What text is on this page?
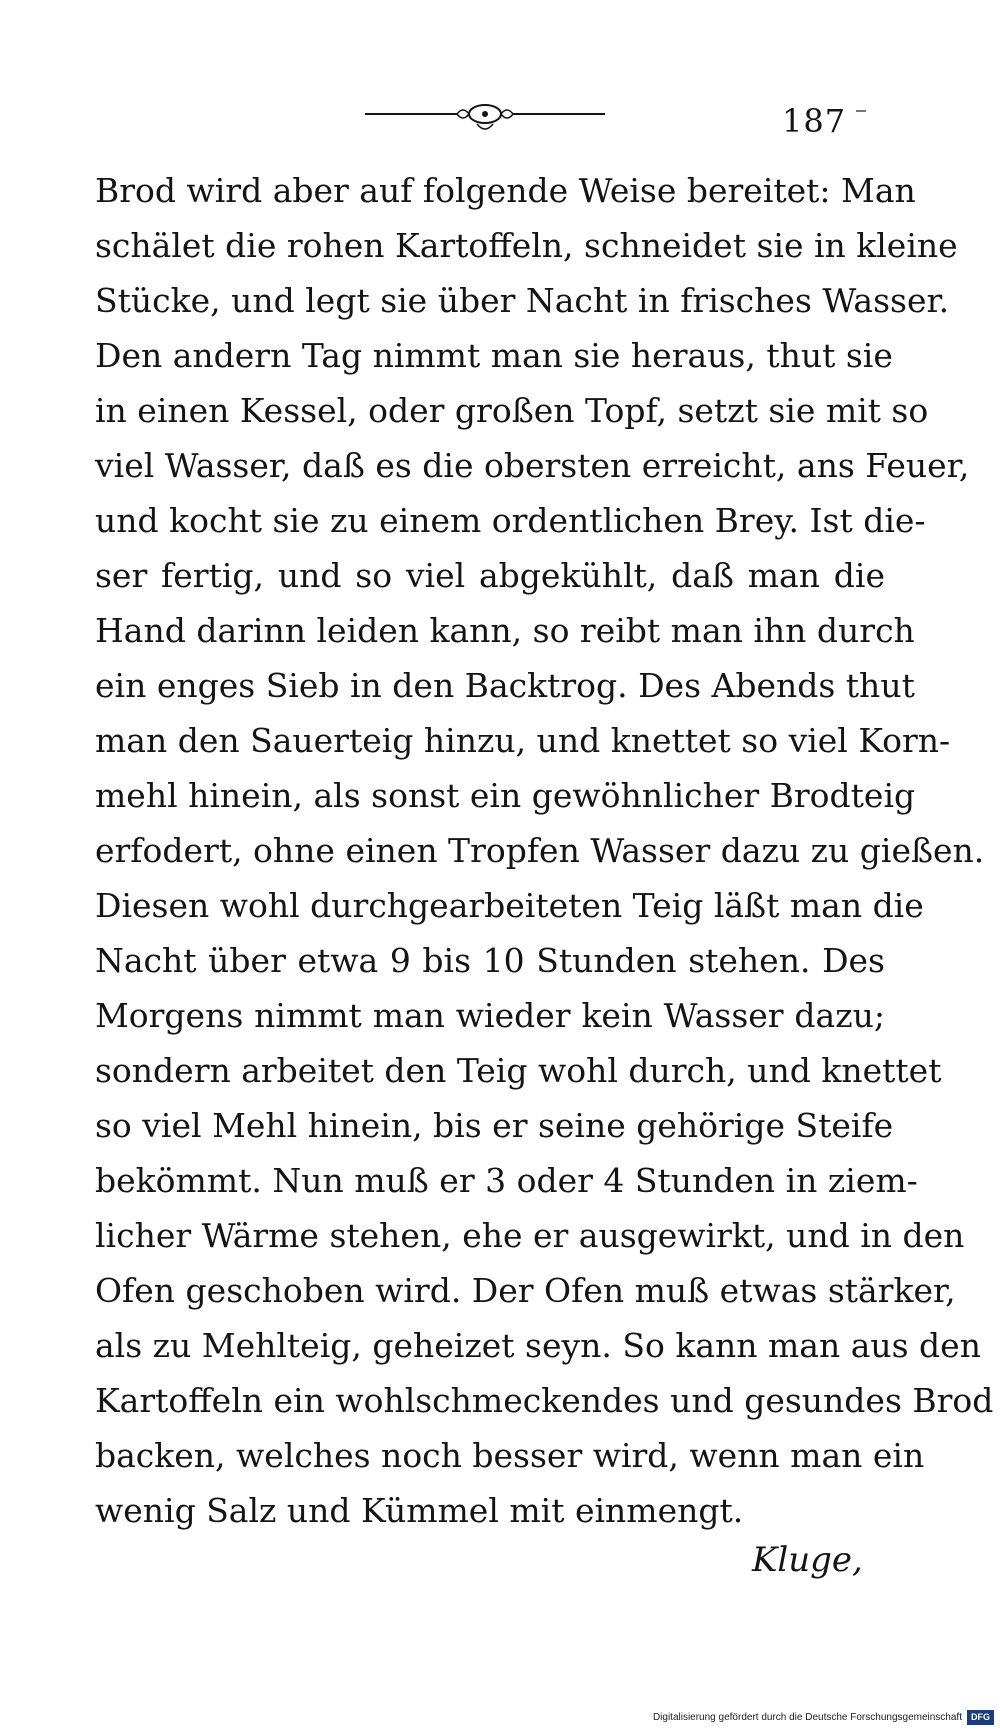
187
Brod wird aber auf folgende Weise bereitet: Man
schälet die rohen Kartoffeln, schneidet sie in kleine
Stücke, und legt sie über Nacht in frisches Wasser.
Den andern Tag nimmt man sie heraus, thut sie
in einen Kessel, oder großen Topf, setzt sie mit so
viel Wasser, daß es die obersten erreicht, ans Feuer,
und kocht sie zu einem ordentlichen Brey. Ist die-
ser fertig, und so viel abgekühlt, daß man die
Hand darinn leiden kann, so reibt man ihn durch
ein enges Sieb in den Backtrog. Des Abends thut
man den Sauerteig hinzu, und knettet so viel Korn-
mehl hinein, als sonst ein gewöhnlicher Brodteig
erfodert, ohne einen Tropfen Wasser dazu zu gießen.
Diesen wohl durchgearbeiteten Teig läßt man die
Nacht über etwa 9 bis 10 Stunden stehen. Des
Morgens nimmt man wieder kein Wasser dazu;
sondern arbeitet den Teig wohl durch, und knettet
so viel Mehl hinein, bis er seine gehörige Steife
bekömmt. Nun muß er 3 oder 4 Stunden in ziem-
licher Wärme stehen, ehe er ausgewirkt, und in den
Ofen geschoben wird. Der Ofen muß etwas stärker,
als zu Mehlteig, geheizet seyn. So kann man aus den
Kartoffeln ein wohlschmeckendes und gesundes Brod
backen, welches noch besser wird, wenn man ein
wenig Salz und Kümmel mit einmengt.
Kluge,
Digitalisierung gefördert durch die Deutsche Forschungsgemeinschaft	DFG
